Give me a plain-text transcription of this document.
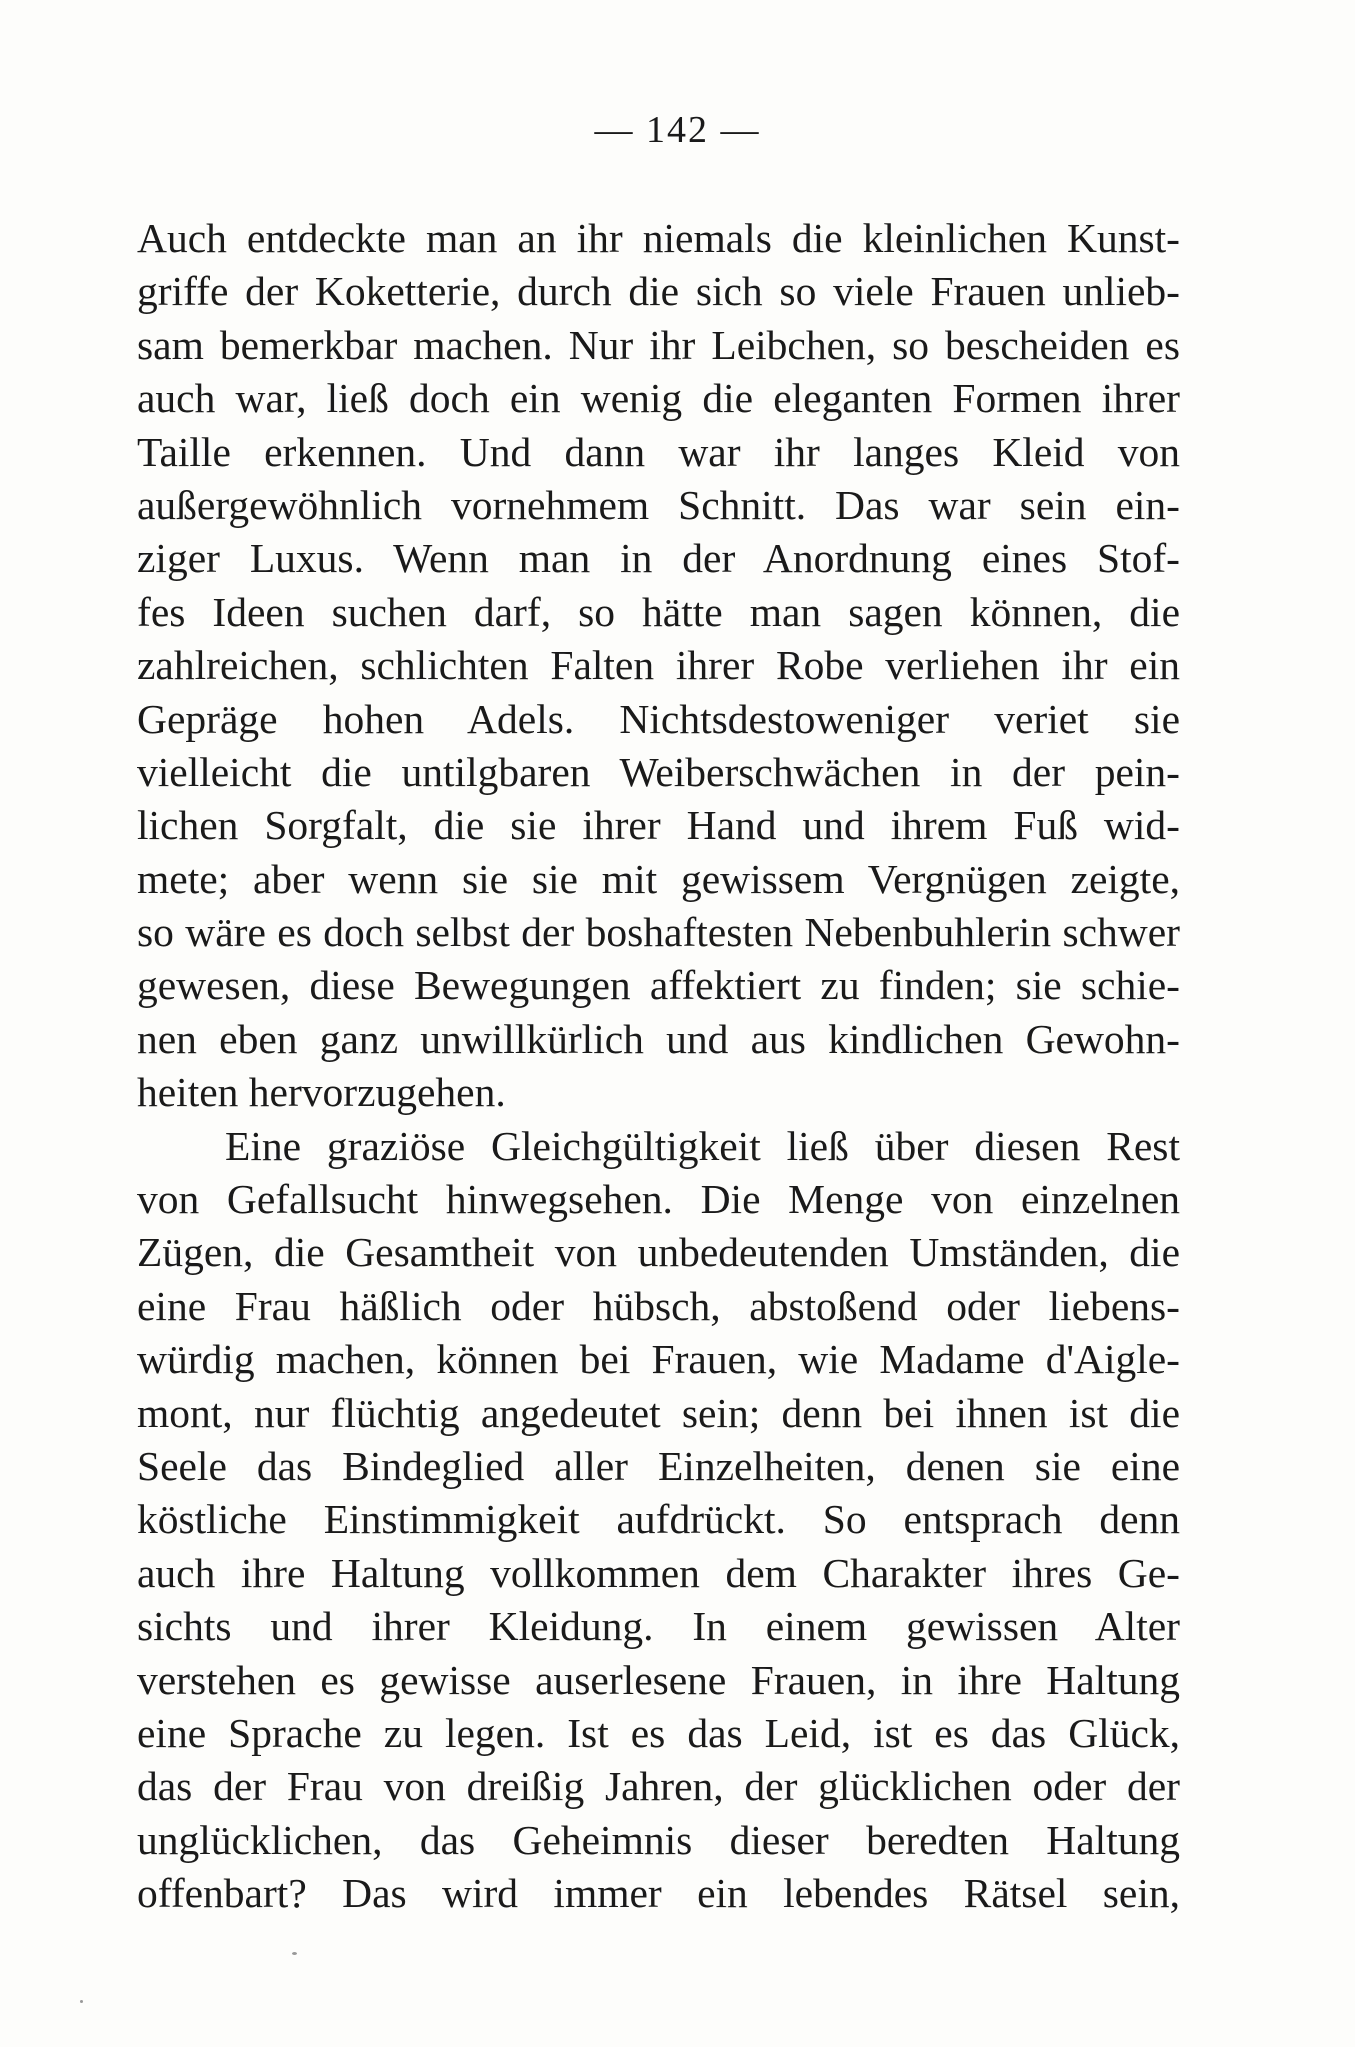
— 142 —
Auch entdeckte man an ihr niemals die kleinlichen Kunst-
griffe der Koketterie, durch die sich so viele Frauen unlieb-
sam bemerkbar machen. Nur ihr Leibchen, so bescheiden es
auch war, ließ doch ein wenig die eleganten Formen ihrer
Taille erkennen. Und dann war ihr langes Kleid von
außergewöhnlich vornehmem Schnitt. Das war sein ein-
ziger Luxus. Wenn man in der Anordnung eines Stof-
fes Ideen suchen darf, so hätte man sagen können, die
zahlreichen, schlichten Falten ihrer Robe verliehen ihr ein
Gepräge hohen Adels. Nichtsdestoweniger veriet sie
vielleicht die untilgbaren Weiberschwächen in der pein-
lichen Sorgfalt, die sie ihrer Hand und ihrem Fuß wid-
mete; aber wenn sie sie mit gewissem Vergnügen zeigte,
so wäre es doch selbst der boshaftesten Nebenbuhlerin schwer
gewesen, diese Bewegungen affektiert zu finden; sie schie-
nen eben ganz unwillkürlich und aus kindlichen Gewohn-
heiten hervorzugehen.
Eine graziöse Gleichgültigkeit ließ über diesen Rest
von Gefallsucht hinwegsehen. Die Menge von einzelnen
Zügen, die Gesamtheit von unbedeutenden Umständen, die
eine Frau häßlich oder hübsch, abstoßend oder liebens-
würdig machen, können bei Frauen, wie Madame d'Aigle-
mont, nur flüchtig angedeutet sein; denn bei ihnen ist die
Seele das Bindeglied aller Einzelheiten, denen sie eine
köstliche Einstimmigkeit aufdrückt. So entsprach denn
auch ihre Haltung vollkommen dem Charakter ihres Ge-
sichts und ihrer Kleidung. In einem gewissen Alter
verstehen es gewisse auserlesene Frauen, in ihre Haltung
eine Sprache zu legen. Ist es das Leid, ist es das Glück,
das der Frau von dreißig Jahren, der glücklichen oder der
unglücklichen, das Geheimnis dieser beredten Haltung
offenbart? Das wird immer ein lebendes Rätsel sein,
